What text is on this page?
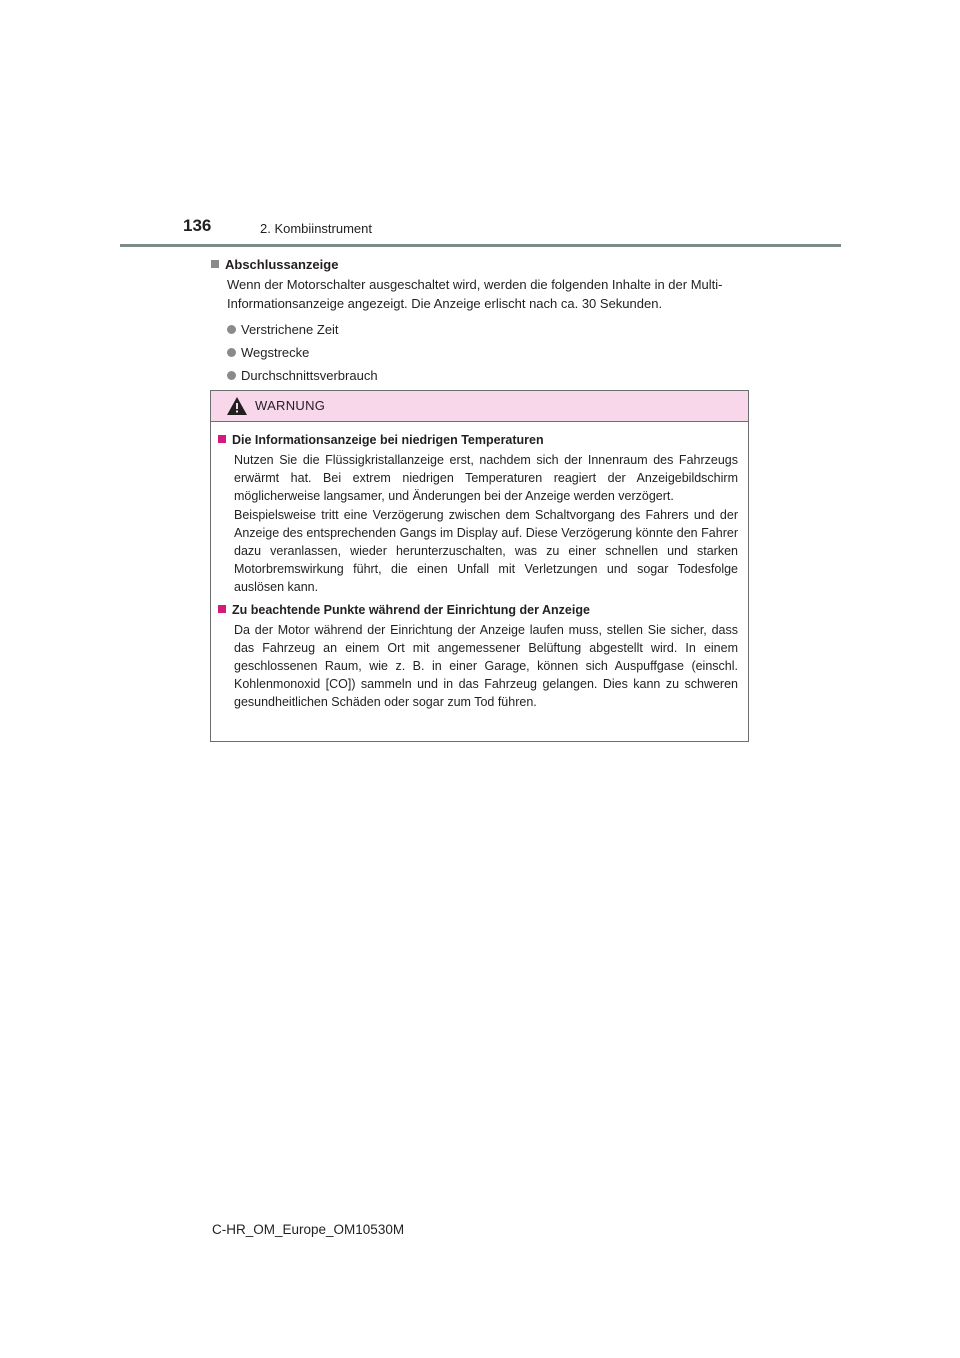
136	2. Kombiinstrument
Abschlussanzeige
Wenn der Motorschalter ausgeschaltet wird, werden die folgenden Inhalte in der Multi-Informationsanzeige angezeigt. Die Anzeige erlischt nach ca. 30 Sekunden.
Verstrichene Zeit
Wegstrecke
Durchschnittsverbrauch
WARNUNG
Die Informationsanzeige bei niedrigen Temperaturen
Nutzen Sie die Flüssigkristallanzeige erst, nachdem sich der Innenraum des Fahrzeugs erwärmt hat. Bei extrem niedrigen Temperaturen reagiert der Anzeigebildschirm möglicherweise langsamer, und Änderungen bei der Anzeige werden verzögert.
Beispielsweise tritt eine Verzögerung zwischen dem Schaltvorgang des Fahrers und der Anzeige des entsprechenden Gangs im Display auf. Diese Verzögerung könnte den Fahrer dazu veranlassen, wieder herunterzuschalten, was zu einer schnellen und starken Motorbremswirkung führt, die einen Unfall mit Verletzungen und sogar Todesfolge auslösen kann.
Zu beachtende Punkte während der Einrichtung der Anzeige
Da der Motor während der Einrichtung der Anzeige laufen muss, stellen Sie sicher, dass das Fahrzeug an einem Ort mit angemessener Belüftung abgestellt wird. In einem geschlossenen Raum, wie z. B. in einer Garage, können sich Auspuffgase (einschl. Kohlenmonoxid [CO]) sammeln und in das Fahrzeug gelangen. Dies kann zu schweren gesundheitlichen Schäden oder sogar zum Tod führen.
C-HR_OM_Europe_OM10530M
